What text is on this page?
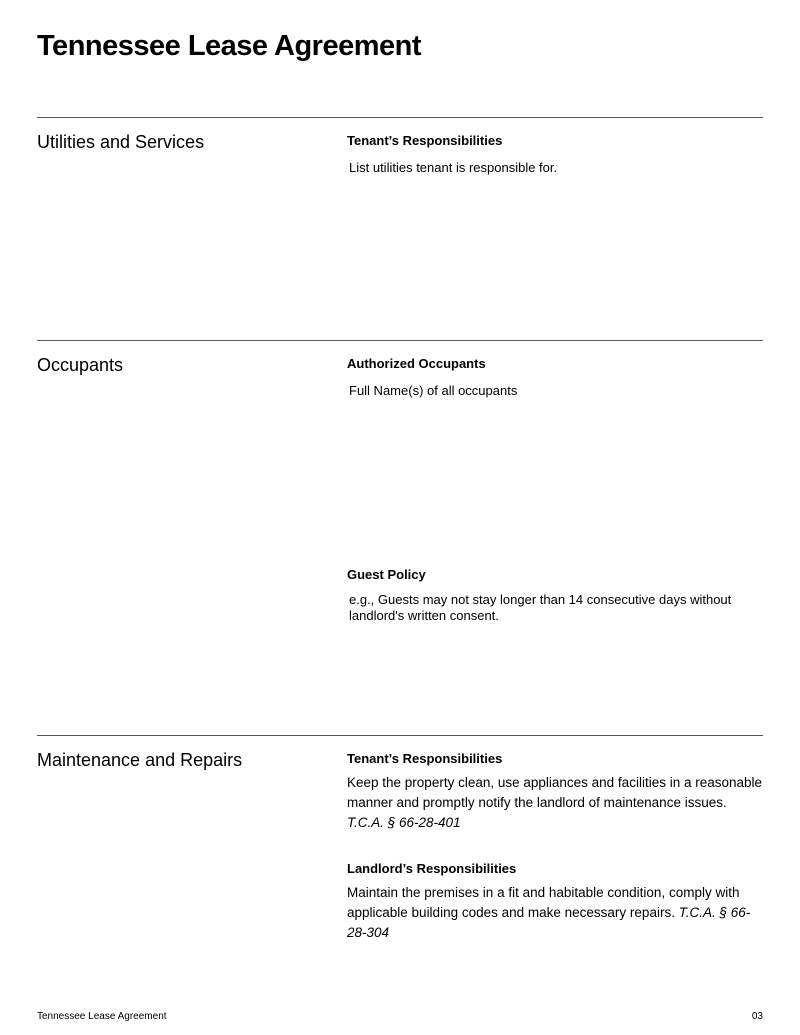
Tennessee Lease Agreement
Utilities and Services	Tenant’s Responsibilities
List utilities tenant is responsible for.
Occupants	Authorized Occupants
Full Name(s) of all occupants
Guest Policy
e.g., Guests may not stay longer than 14 consecutive days without landlord's written consent.
Maintenance and Repairs	Tenant’s Responsibilities
Keep the property clean, use appliances and facilities in a reasonable manner and promptly notify the landlord of maintenance issues. T.C.A. § 66-28-401
Landlord’s Responsibilities
Maintain the premises in a fit and habitable condition, comply with applicable building codes and make necessary repairs. T.C.A. § 66-28-304
Tennessee Lease Agreement	03
